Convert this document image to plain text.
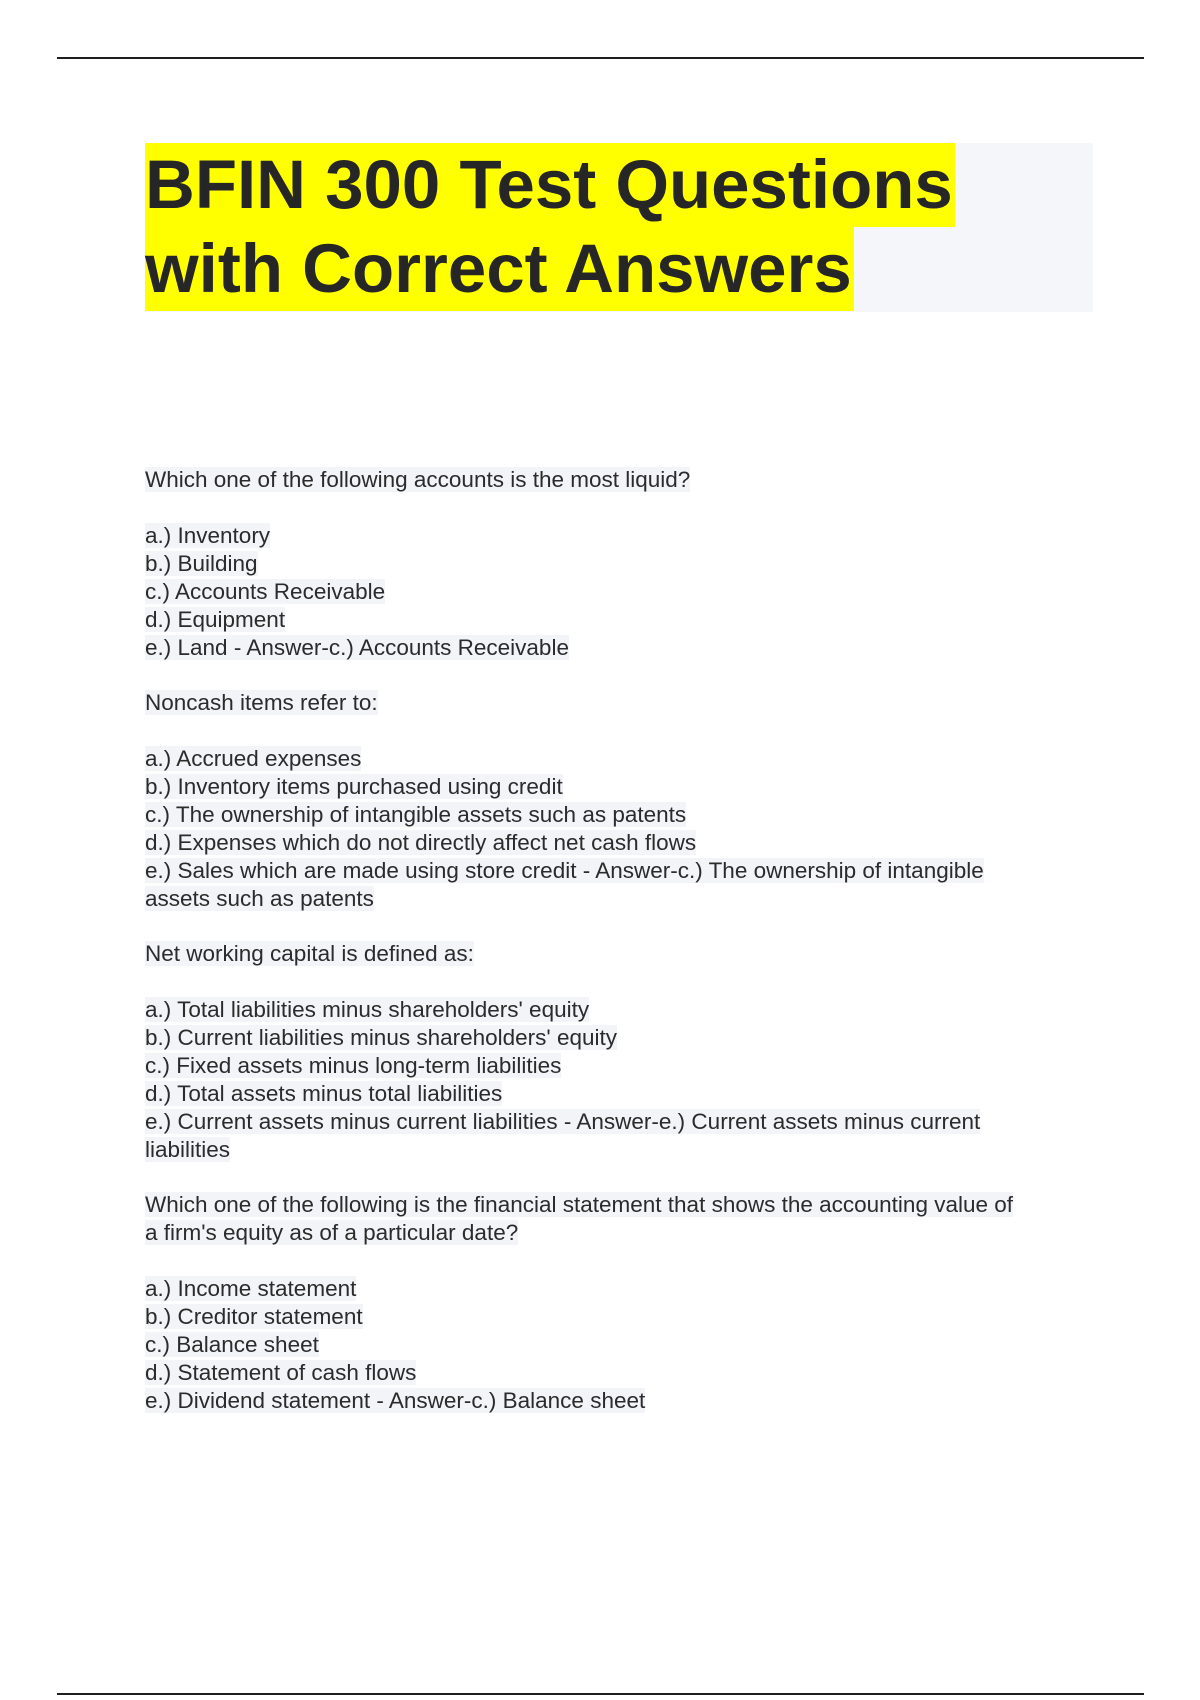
BFIN 300 Test Questions
with Correct Answers
Which one of the following accounts is the most liquid?
a.) Inventory
b.) Building
c.) Accounts Receivable
d.) Equipment
e.) Land - Answer-c.) Accounts Receivable
Noncash items refer to:
a.) Accrued expenses
b.) Inventory items purchased using credit
c.) The ownership of intangible assets such as patents
d.) Expenses which do not directly affect net cash flows
e.) Sales which are made using store credit - Answer-c.) The ownership of intangible
assets such as patents
Net working capital is defined as:
a.) Total liabilities minus shareholders' equity
b.) Current liabilities minus shareholders' equity
c.) Fixed assets minus long-term liabilities
d.) Total assets minus total liabilities
e.) Current assets minus current liabilities - Answer-e.) Current assets minus current
liabilities
Which one of the following is the financial statement that shows the accounting value of
a firm's equity as of a particular date?
a.) Income statement
b.) Creditor statement
c.) Balance sheet
d.) Statement of cash flows
e.) Dividend statement - Answer-c.) Balance sheet
